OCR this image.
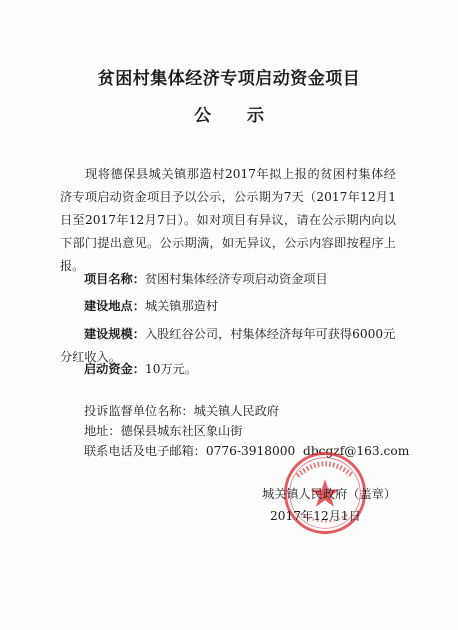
贫困村集体经济专项启动资金项目
公示
现将德保县城关镇那造村2017年拟上报的贫困村集体经济专项启动资金项目予以公示，公示期为7天（2017年12月1日至2017年12月7日）。如对项目有异议，请在公示期内向以下部门提出意见。公示期满，如无异议，公示内容即按程序上报。
项目名称：贫困村集体经济专项启动资金项目
建设地点：城关镇那造村
建设规模：入股红谷公司，村集体经济每年可获得6000元分红收入。
启动资金：10万元。
投诉监督单位名称：城关镇人民政府
地址：德保县城东社区象山街
联系电话及电子邮箱：0776-3918000 dbcgzf@163.com
城关镇人民政府（盖章）
2017年12月1日
